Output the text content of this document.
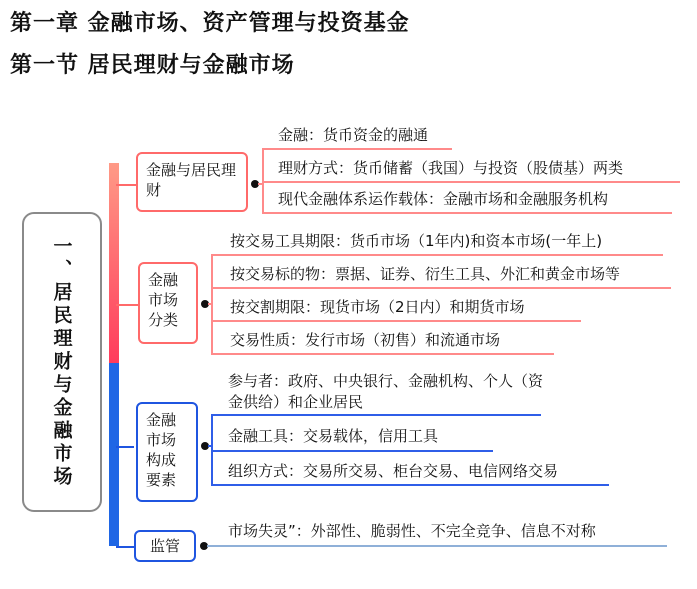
第一章 金融市场、资产管理与投资基金
第一节 居民理财与金融市场
一、居民理财与金融市场
金融与居民理财
金融：货币资金的融通
理财方式：货币储蓄（我国）与投资（股债基）两类
现代金融体系运作载体：金融市场和金融服务机构
金融市场分类
按交易工具期限：货币市场（1年内)和资本市场(一年上)
按交易标的物：票据、证券、衍生工具、外汇和黄金市场等
按交割期限：现货市场（2日内）和期货市场
交易性质：发行市场（初售）和流通市场
金融市场构成要素
参与者：政府、中央银行、金融机构、个人（资金供给）和企业居民
金融工具：交易载体，信用工具
组织方式：交易所交易、柜台交易、电信网络交易
监管
市场失灵”：外部性、脆弱性、不完全竞争、信息不对称
